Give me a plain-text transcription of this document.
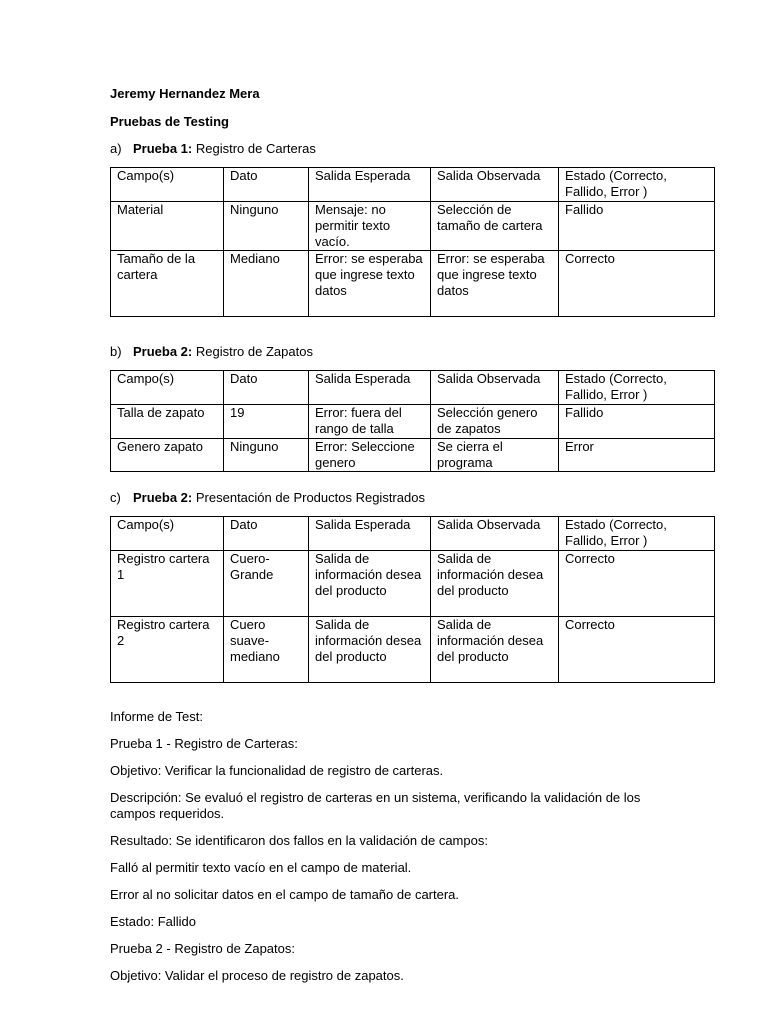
Jeremy Hernandez Mera

Pruebas de Testing

a) Prueba 1: Registro de Carteras

Campo(s)	Dato	Salida Esperada	Salida Observada	Estado (Correcto, Fallido, Error )
Material	Ninguno	Mensaje: no permitir texto vacío.	Selección de tamaño de cartera	Fallido
Tamaño de la cartera	Mediano	Error: se esperaba que ingrese texto datos	Error: se esperaba que ingrese texto datos	Correcto

b) Prueba 2: Registro de Zapatos

Campo(s)	Dato	Salida Esperada	Salida Observada	Estado (Correcto, Fallido, Error )
Talla de zapato	19	Error: fuera del rango de talla	Selección genero de zapatos	Fallido
Genero zapato	Ninguno	Error: Seleccione genero	Se cierra el programa	Error

c) Prueba 2: Presentación de Productos Registrados

Campo(s)	Dato	Salida Esperada	Salida Observada	Estado (Correcto, Fallido, Error )
Registro cartera 1	Cuero-Grande	Salida de información desea del producto	Salida de información desea del producto	Correcto
Registro cartera 2	Cuero suave-mediano	Salida de información desea del producto	Salida de información desea del producto	Correcto

Informe de Test:

Prueba 1 - Registro de Carteras:

Objetivo: Verificar la funcionalidad de registro de carteras.

Descripción: Se evaluó el registro de carteras en un sistema, verificando la validación de los campos requeridos.

Resultado: Se identificaron dos fallos en la validación de campos:

Falló al permitir texto vacío en el campo de material.

Error al no solicitar datos en el campo de tamaño de cartera.

Estado: Fallido

Prueba 2 - Registro de Zapatos:

Objetivo: Validar el proceso de registro de zapatos.
